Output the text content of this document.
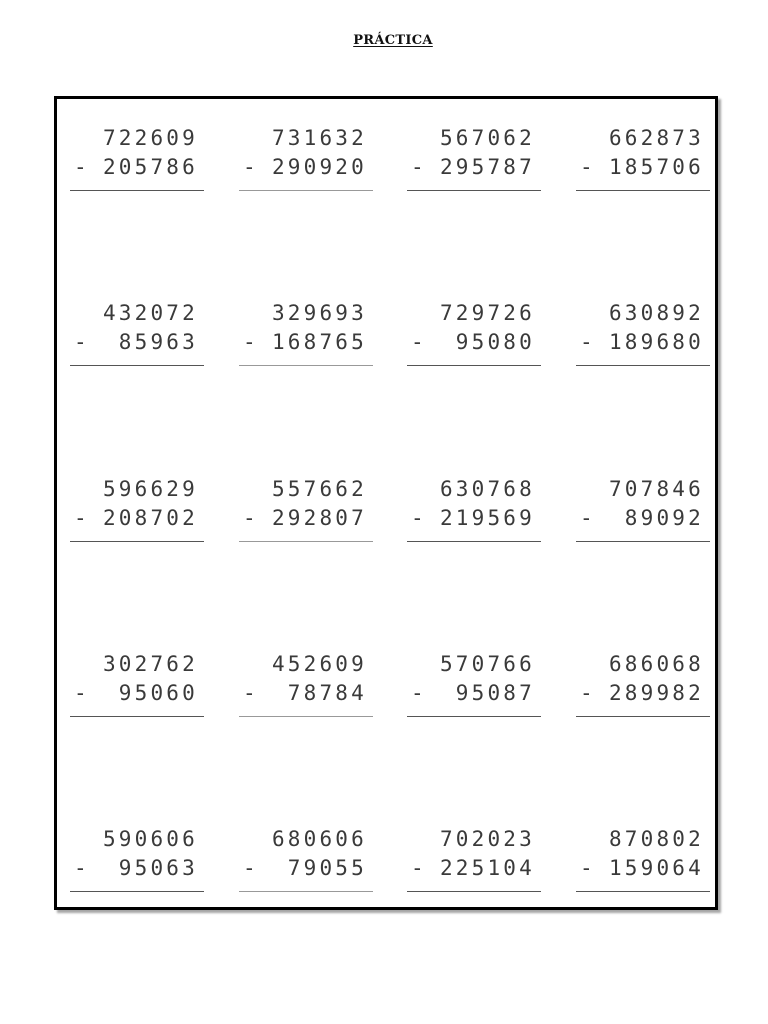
PRÁCTICA
722609
- 205786
731632
- 290920
567062
- 295787
662873
- 185706
432072
- 85963
329693
- 168765
729726
- 95080
630892
- 189680
596629
- 208702
557662
- 292807
630768
- 219569
707846
- 89092
302762
- 95060
452609
- 78784
570766
- 95087
686068
- 289982
590606
- 95063
680606
- 79055
702023
- 225104
870802
- 159064
